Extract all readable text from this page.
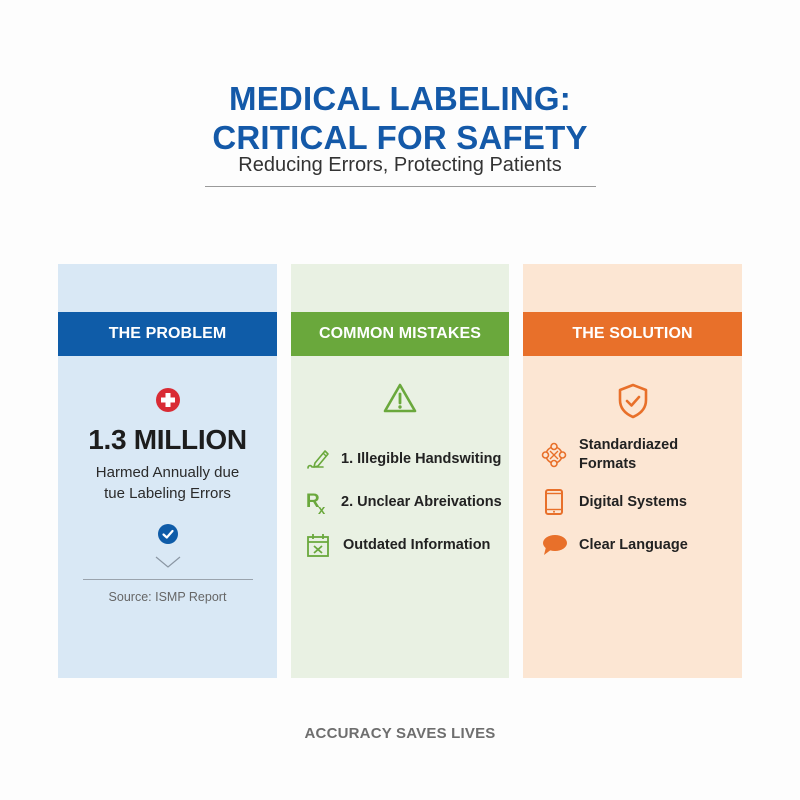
MEDICAL LABELING:
CRITICAL FOR SAFETY
Reducing Errors, Protecting Patients
THE PROBLEM
1.3 MILLION
Harmed Annually due
tue Labeling Errors
Source: ISMP Report
COMMON MISTAKES
1. Illegible Handswiting
R
x 2. Unclear Abreivations
Outdated Information
THE SOLUTION
Standardiazed
Formats
Digital Systems
Clear Language
ACCURACY SAVES LIVES
